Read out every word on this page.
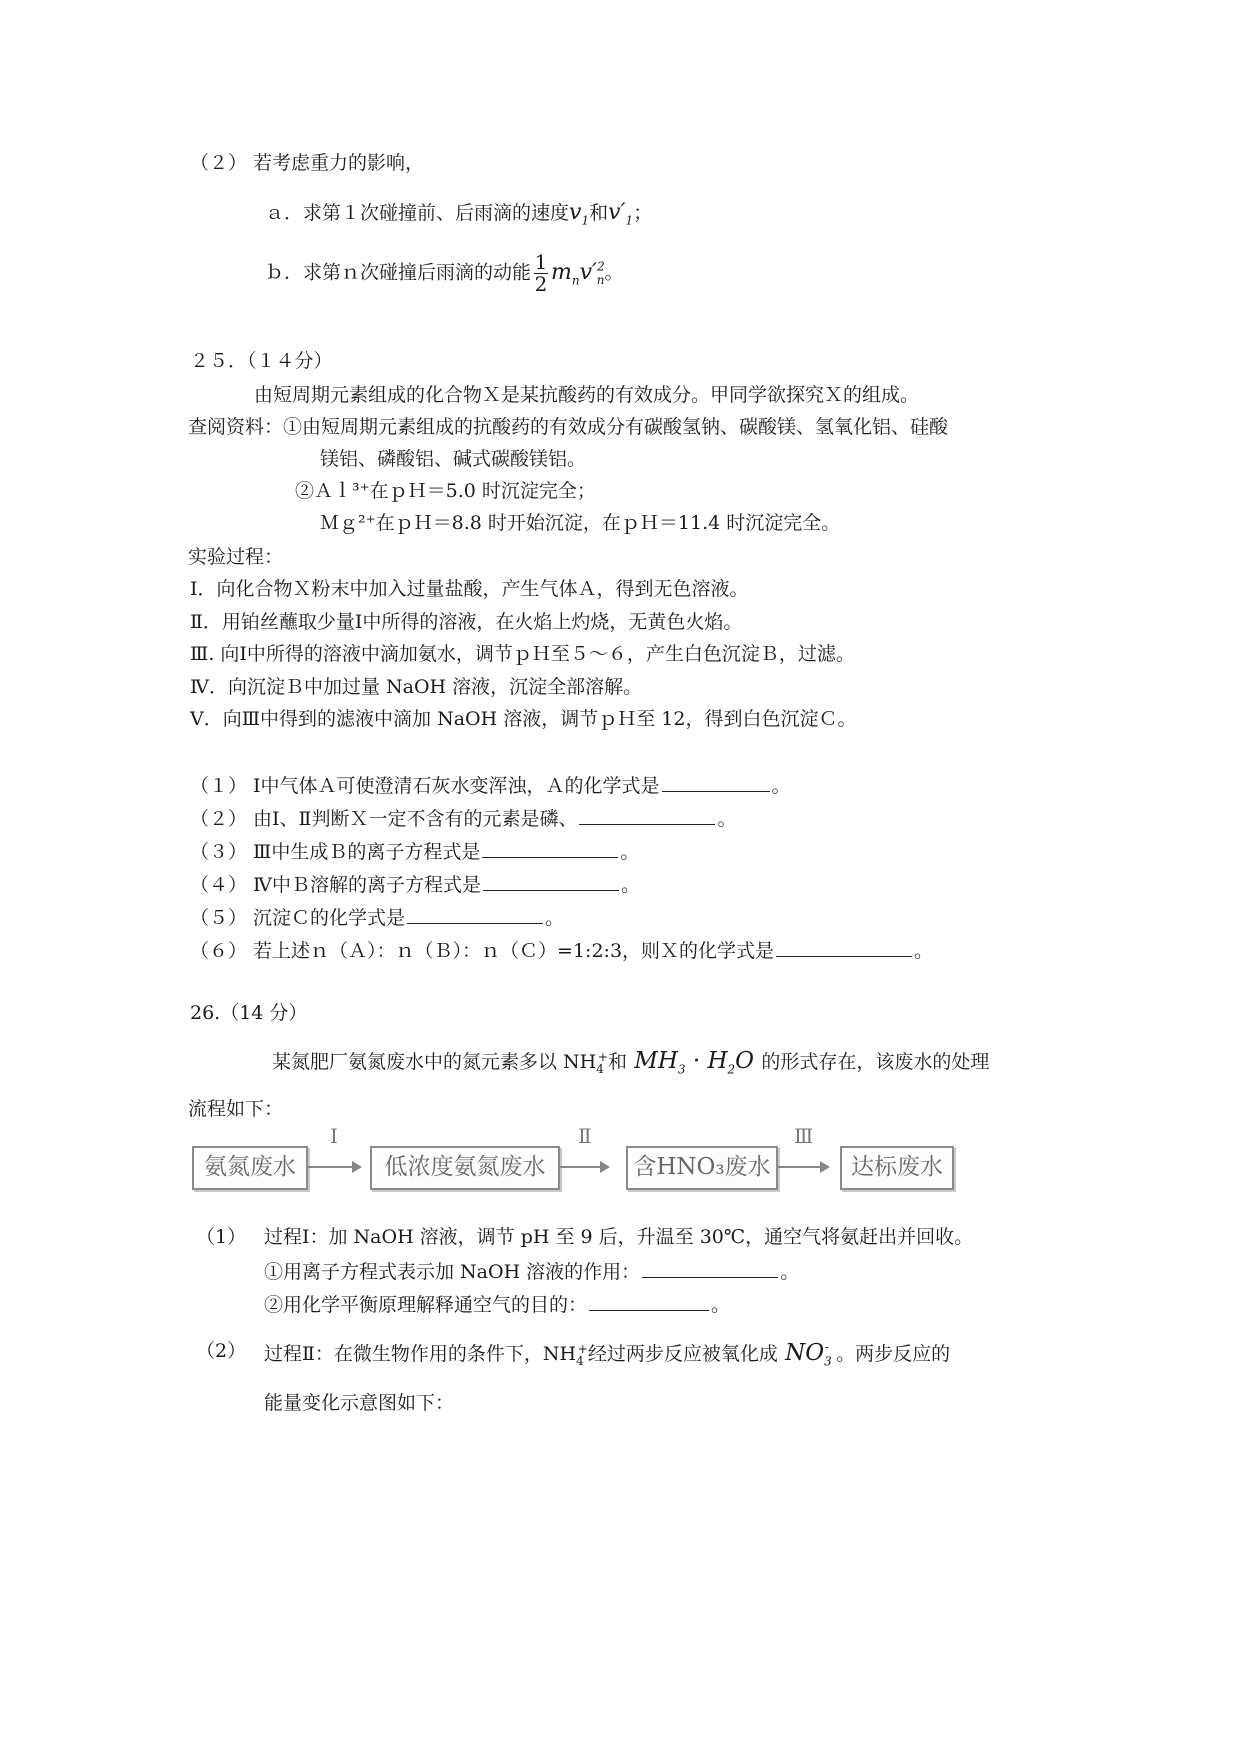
（２） 若考虑重力的影响，
ａ．求第１次碰撞前、后雨滴的速度$v_1$和$v'_1$；
ｂ．求第ｎ次碰撞后雨滴的动能 $\frac{1}{2} m_nv'^2_n$。
２５．（１４分）
由短周期元素组成的化合物Ｘ是某抗酸药的有效成分。甲同学欲探究Ｘ的组成。
查阅资料：①由短周期元素组成的抗酸药的有效成分有碳酸氢钠、碳酸镁、氢氧化铝、硅酸
镁铝、磷酸铝、碱式碳酸镁铝。
②Ａｌ³⁺在ｐＨ＝5.0 时沉淀完全；
Ｍｇ²⁺在ｐＨ＝8.8 时开始沉淀，在ｐＨ＝11.4 时沉淀完全。
实验过程：
Ⅰ．向化合物Ｘ粉末中加入过量盐酸，产生气体Ａ，得到无色溶液。
Ⅱ．用铂丝蘸取少量Ⅰ中所得的溶液，在火焰上灼烧，无黄色火焰。
Ⅲ. 向Ⅰ中所得的溶液中滴加氨水，调节ｐＨ至５～６，产生白色沉淀Ｂ，过滤。
Ⅳ．向沉淀Ｂ中加过量 NaOH 溶液，沉淀全部溶解。
Ⅴ．向Ⅲ中得到的滤液中滴加 NaOH 溶液，调节ｐＨ至 12，得到白色沉淀Ｃ。
（１） Ⅰ中气体Ａ可使澄清石灰水变浑浊，Ａ的化学式是	。
（２） 由Ⅰ、Ⅱ判断Ｘ一定不含有的元素是磷、	。
（３） Ⅲ中生成Ｂ的离子方程式是	。
（４） Ⅳ中Ｂ溶解的离子方程式是	。
（５） 沉淀Ｃ的化学式是	。
（６） 若上述ｎ（Ａ）：ｎ（Ｂ）：ｎ（Ｃ）=1:2:3，则Ｘ的化学式是	。
26.（14 分）
某氮肥厂氨氮废水中的氮元素多以 $NH_4^+$和 $MH_3 \cdot H_2O$ 的形式存在，该废水的处理
流程如下：
氨氮废水
Ⅰ
低浓度氨氮废水
Ⅱ
含HNO₃废水
Ⅲ
达标废水
（1） 过程Ⅰ：加 NaOH 溶液，调节 pH 至 9 后，升温至 30℃，通空气将氨赶出并回收。
①用离子方程式表示加 NaOH 溶液的作用：	。
②用化学平衡原理解释通空气的目的：	。
（2） 过程Ⅱ：在微生物作用的条件下，$NH_4^+$经过两步反应被氧化成 $NO_3^-$ 。两步反应的
能量变化示意图如下：
